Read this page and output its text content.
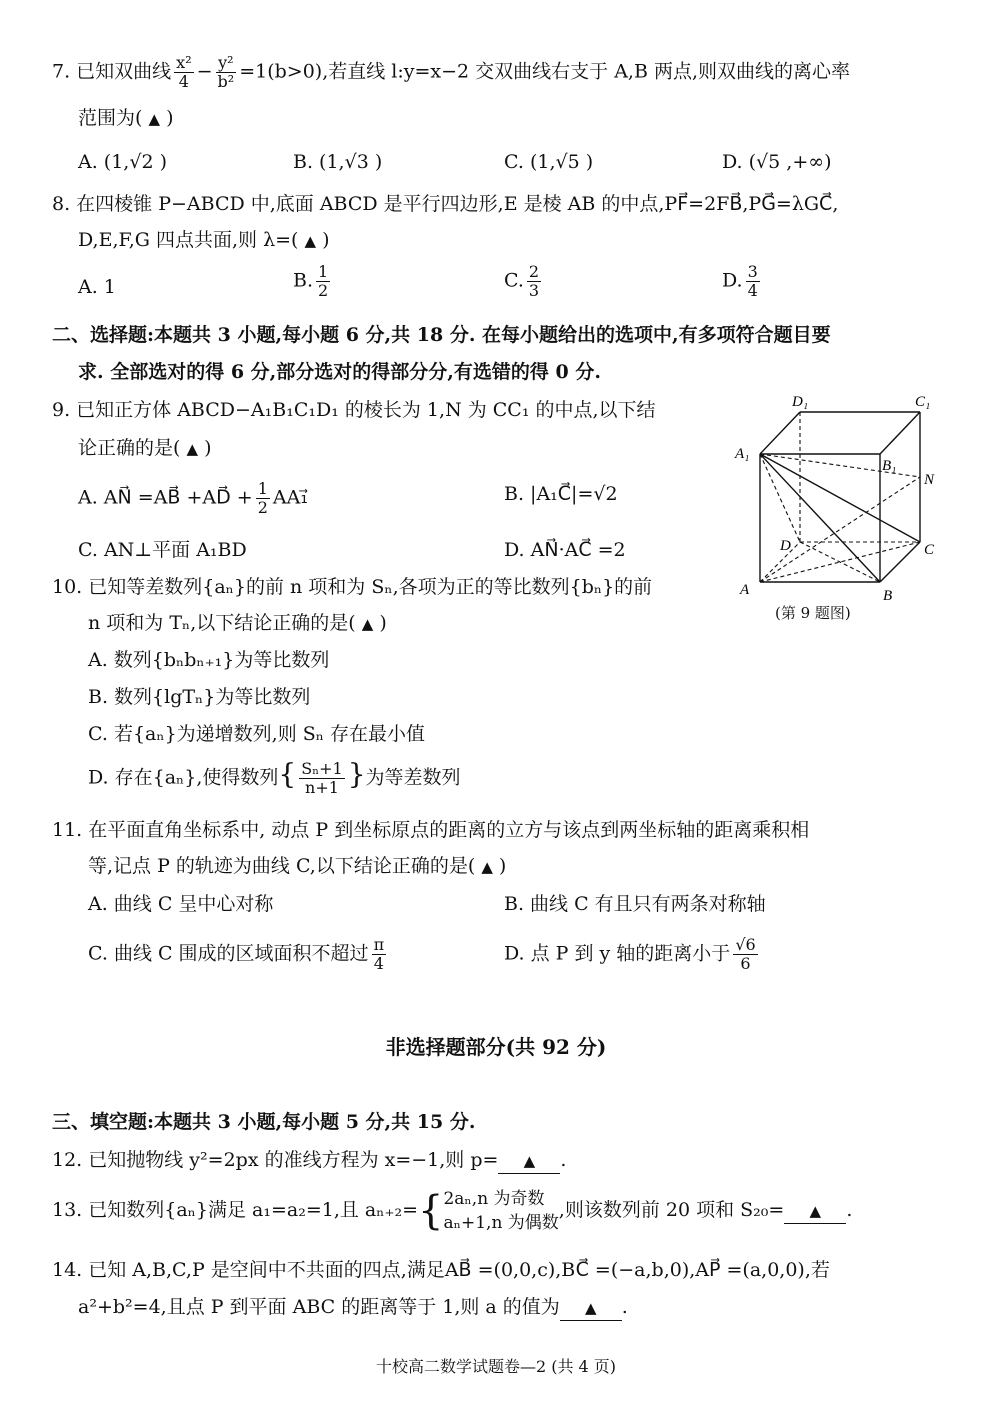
7. 已知双曲线 $\frac{\text{x²}}{4} - \frac{\text{y²}}{\text{b²}} =1(b>0)$,若直线 l:y=x−2 交双曲线右支于 A,B 两点,则双曲线的离心率
范围为( ▲ )
A. (1,√2 )	B. (1,√3 )	C. (1,√5 )	D. (√5 ,+∞)
8. 在四棱锥 P−ABCD 中,底面 ABCD 是平行四边形,E 是棱 AB 的中点,PF⃗=2FB⃗,PG⃗=λGC⃗,
D,E,F,G 四点共面,则 λ=( ▲ )
A. 1	B. $\frac{1}{2}$	C. $\frac{2}{3}$	D. $\frac{3}{4}$
二、选择题:本题共 3 小题,每小题 6 分,共 18 分. 在每小题给出的选项中,有多项符合题目要
求. 全部选对的得 6 分,部分选对的得部分分,有选错的得 0 分.
9. 已知正方体 ABCD−A₁B₁C₁D₁ 的棱长为 1,N 为 CC₁ 的中点,以下结
论正确的是( ▲ )
A. AN⃗ =AB⃗ +AD⃗ + $\frac{1}{2}$ AA₁⃗	B. |A₁C⃗|=√2
C. AN⊥平面 A₁BD	D. AN⃗·AC⃗ =2
D₁	C₁
A₁
B₁
N
D	C
A	B
(第 9 题图)
10. 已知等差数列{aₙ}的前 n 项和为 Sₙ,各项为正的等比数列{bₙ}的前
n 项和为 Tₙ,以下结论正确的是( ▲ )
A. 数列{bₙbₙ₊₁}为等比数列
B. 数列{lgTₙ}为等比数列
C. 若{aₙ}为递增数列,则 Sₙ 存在最小值
D. 存在{aₙ},使得数列{ $\frac{\text{Sₙ+1}}{n+1}$ }为等差数列
11. 在平面直角坐标系中, 动点 P 到坐标原点的距离的立方与该点到两坐标轴的距离乘积相
等,记点 P 的轨迹为曲线 C,以下结论正确的是( ▲ )
A. 曲线 C 呈中心对称	B. 曲线 C 有且只有两条对称轴
C. 曲线 C 围成的区域面积不超过 $\frac{\pi}{4}$	D. 点 P 到 y 轴的距离小于 $\frac{√6}{6}$
非选择题部分(共 92 分)
三、填空题:本题共 3 小题,每小题 5 分,共 15 分.
12. 已知抛物线 y²=2px 的准线方程为 x=−1,则 p= ▲ .
13. 已知数列{aₙ}满足 a₁=a₂=1,且 aₙ₊₂={ 2aₙ,n 为奇数
aₙ+1,n 为偶数
,则该数列前 20 项和 S₂₀= ▲ .
14. 已知 A,B,C,P 是空间中不共面的四点,满足AB⃗ =(0,0,c),BC⃗ =(−a,b,0),AP⃗ =(a,0,0),若
a²+b²=4,且点 P 到平面 ABC 的距离等于 1,则 a 的值为 ▲ .
十校高二数学试题卷—2 (共 4 页)
